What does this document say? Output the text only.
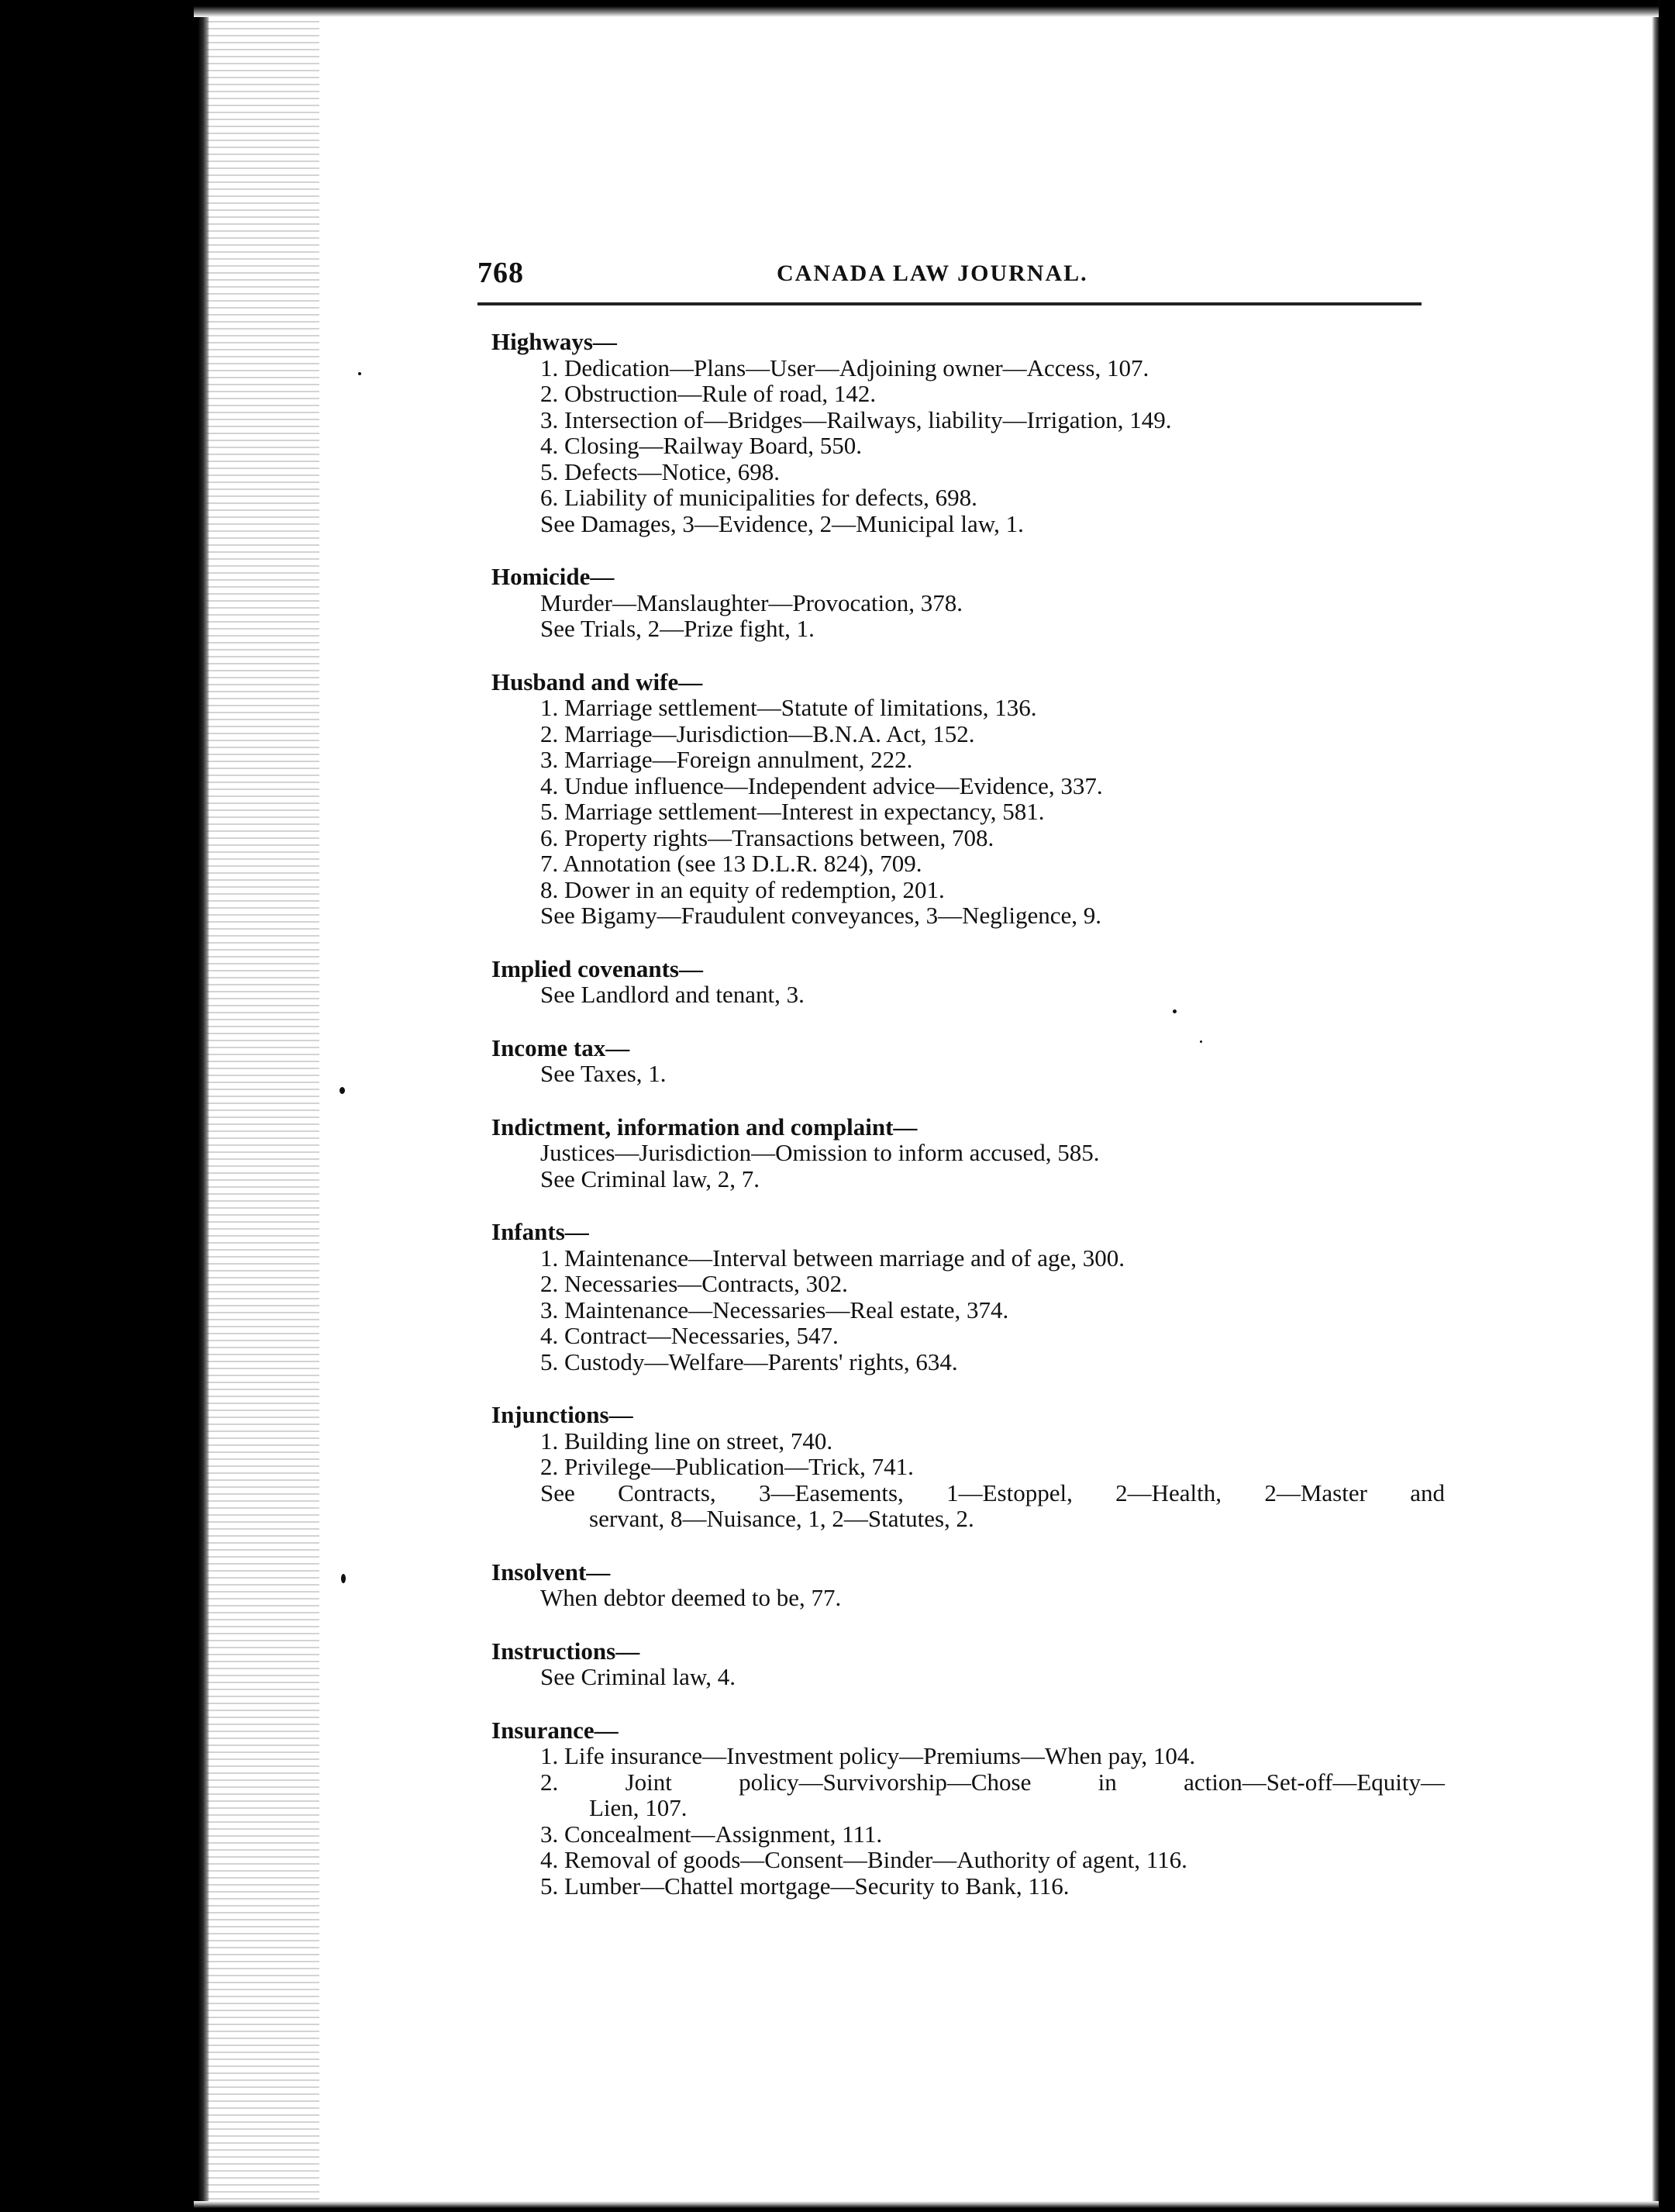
768	CANADA LAW JOURNAL.
Highways—
1. Dedication—Plans—User—Adjoining owner—Access, 107.
2. Obstruction—Rule of road, 142.
3. Intersection of—Bridges—Railways, liability—Irrigation, 149.
4. Closing—Railway Board, 550.
5. Defects—Notice, 698.
6. Liability of municipalities for defects, 698.
See Damages, 3—Evidence, 2—Municipal law, 1.
Homicide—
Murder—Manslaughter—Provocation, 378.
See Trials, 2—Prize fight, 1.
Husband and wife—
1. Marriage settlement—Statute of limitations, 136.
2. Marriage—Jurisdiction—B.N.A. Act, 152.
3. Marriage—Foreign annulment, 222.
4. Undue influence—Independent advice—Evidence, 337.
5. Marriage settlement—Interest in expectancy, 581.
6. Property rights—Transactions between, 708.
7. Annotation (see 13 D.L.R. 824), 709.
8. Dower in an equity of redemption, 201.
See Bigamy—Fraudulent conveyances, 3—Negligence, 9.
Implied covenants—
See Landlord and tenant, 3.
Income tax—
See Taxes, 1.
Indictment, information and complaint—
Justices—Jurisdiction—Omission to inform accused, 585.
See Criminal law, 2, 7.
Infants—
1. Maintenance—Interval between marriage and of age, 300.
2. Necessaries—Contracts, 302.
3. Maintenance—Necessaries—Real estate, 374.
4. Contract—Necessaries, 547.
5. Custody—Welfare—Parents' rights, 634.
Injunctions—
1. Building line on street, 740.
2. Privilege—Publication—Trick, 741.
See Contracts, 3—Easements, 1—Estoppel, 2—Health, 2—Master and
servant, 8—Nuisance, 1, 2—Statutes, 2.
Insolvent—
When debtor deemed to be, 77.
Instructions—
See Criminal law, 4.
Insurance—
1. Life insurance—Investment policy—Premiums—When pay, 104.
2. Joint policy—Survivorship—Chose in action—Set-off—Equity—
Lien, 107.
3. Concealment—Assignment, 111.
4. Removal of goods—Consent—Binder—Authority of agent, 116.
5. Lumber—Chattel mortgage—Security to Bank, 116.
